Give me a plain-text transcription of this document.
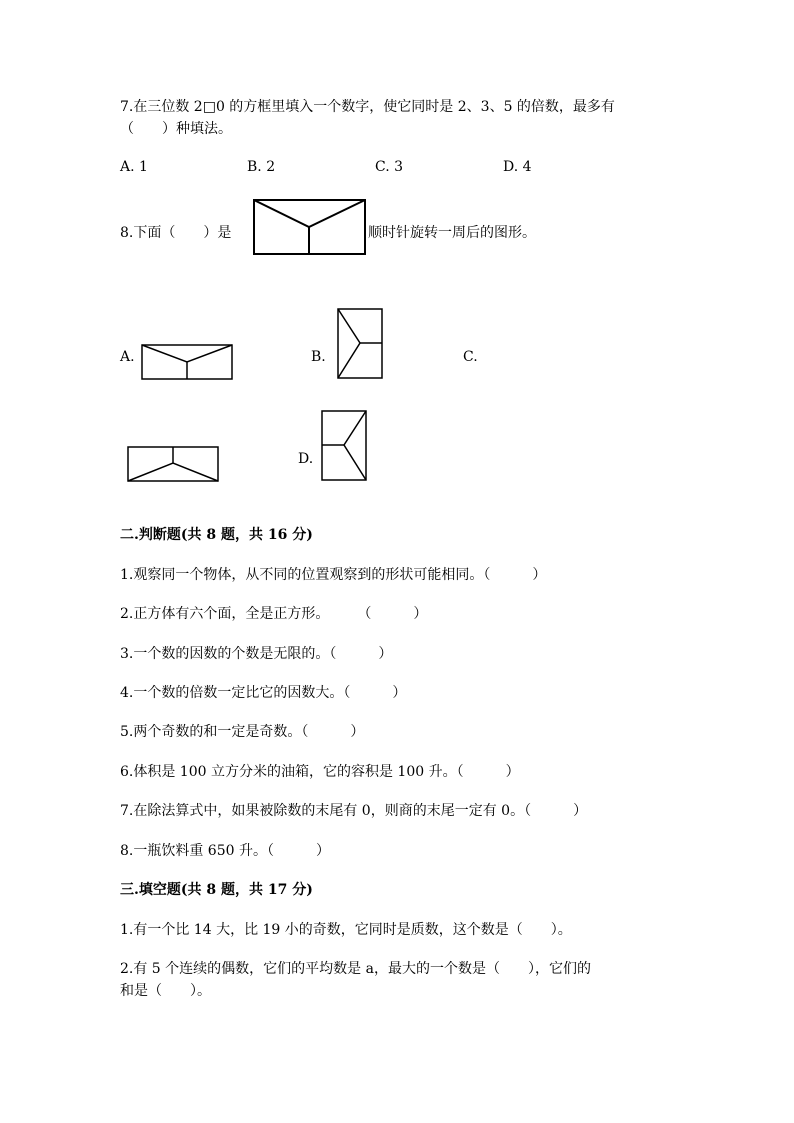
7.在三位数 2□0 的方框里填入一个数字，使它同时是 2、3、5 的倍数，最多有
（　　）种填法。
A. 1	B. 2	C. 3	D. 4
8.下面（　　）是	顺时针旋转一周后的图形。
A.	B.	C.
D.
二.判断题(共 8 题，共 16 分)
1.观察同一个物体，从不同的位置观察到的形状可能相同。（　　　）
2.正方体有六个面，全是正方形。　　　（　　　）
3.一个数的因数的个数是无限的。（　　　）
4.一个数的倍数一定比它的因数大。（　　　）
5.两个奇数的和一定是奇数。（　　　）
6.体积是 100 立方分米的油箱，它的容积是 100 升。（　　　）
7.在除法算式中，如果被除数的末尾有 0，则商的末尾一定有 0。（　　　）
8.一瓶饮料重 650 升。（　　　）
三.填空题(共 8 题，共 17 分)
1.有一个比 14 大，比 19 小的奇数，它同时是质数，这个数是（　　）。
2.有 5 个连续的偶数，它们的平均数是 a，最大的一个数是（　　），它们的
和是（　　）。
